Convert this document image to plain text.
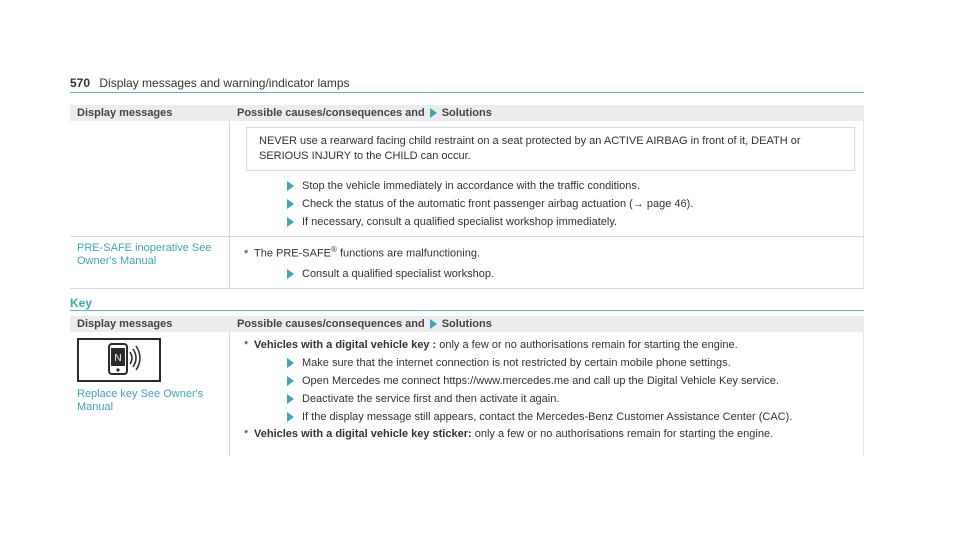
570 Display messages and warning/indicator lamps
Display messages	Possible causes/consequences and Solutions
NEVER use a rearward facing child restraint on a seat protected by an ACTIVE AIRBAG in front of it, DEATH or SERIOUS INJURY to the CHILD can occur.
Stop the vehicle immediately in accordance with the traffic conditions.
Check the status of the automatic front passenger airbag actuation (→ page 46).
If necessary, consult a qualified specialist workshop immediately.
PRE-SAFE inoperative See Owner's Manual
* The PRE-SAFE® functions are malfunctioning.
Consult a qualified specialist workshop.
Key
Display messages	Possible causes/consequences and Solutions
N
Replace key See Owner's Manual
* Vehicles with a digital vehicle key : only a few or no authorisations remain for starting the engine.
Make sure that the internet connection is not restricted by certain mobile phone settings.
Open Mercedes me connect https://www.mercedes.me and call up the Digital Vehicle Key service.
Deactivate the service first and then activate it again.
If the display message still appears, contact the Mercedes-Benz Customer Assistance Center (CAC).
* Vehicles with a digital vehicle key sticker: only a few or no authorisations remain for starting the engine.
